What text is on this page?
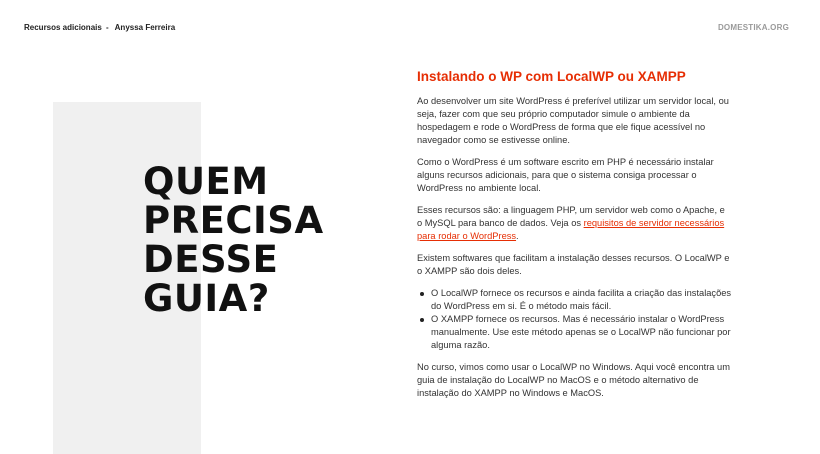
Recursos adicionais - Anyssa Ferreira	DOMESTIKA.ORG
QUEM
PRECISA
DESSE
GUIA?
Instalando o WP com LocalWP ou XAMPP

Ao desenvolver um site WordPress é preferível utilizar um servidor local, ou seja, fazer com que seu próprio computador simule o ambiente da hospedagem e rode o WordPress de forma que ele fique acessível no navegador como se estivesse online.

Como o WordPress é um software escrito em PHP é necessário instalar alguns recursos adicionais, para que o sistema consiga processar o WordPress no ambiente local.

Esses recursos são: a linguagem PHP, um servidor web como o Apache, e o MySQL para banco de dados. Veja os requisitos de servidor necessários para rodar o WordPress.

Existem softwares que facilitam a instalação desses recursos. O LocalWP e o XAMPP são dois deles.

O LocalWP fornece os recursos e ainda facilita a criação das instalações do WordPress em si. É o método mais fácil.
O XAMPP fornece os recursos. Mas é necessário instalar o WordPress manualmente. Use este método apenas se o LocalWP não funcionar por alguma razão.

No curso, vimos como usar o LocalWP no Windows. Aqui você encontra um guia de instalação do LocalWP no MacOS e o método alternativo de instalação do XAMPP no Windows e MacOS.
